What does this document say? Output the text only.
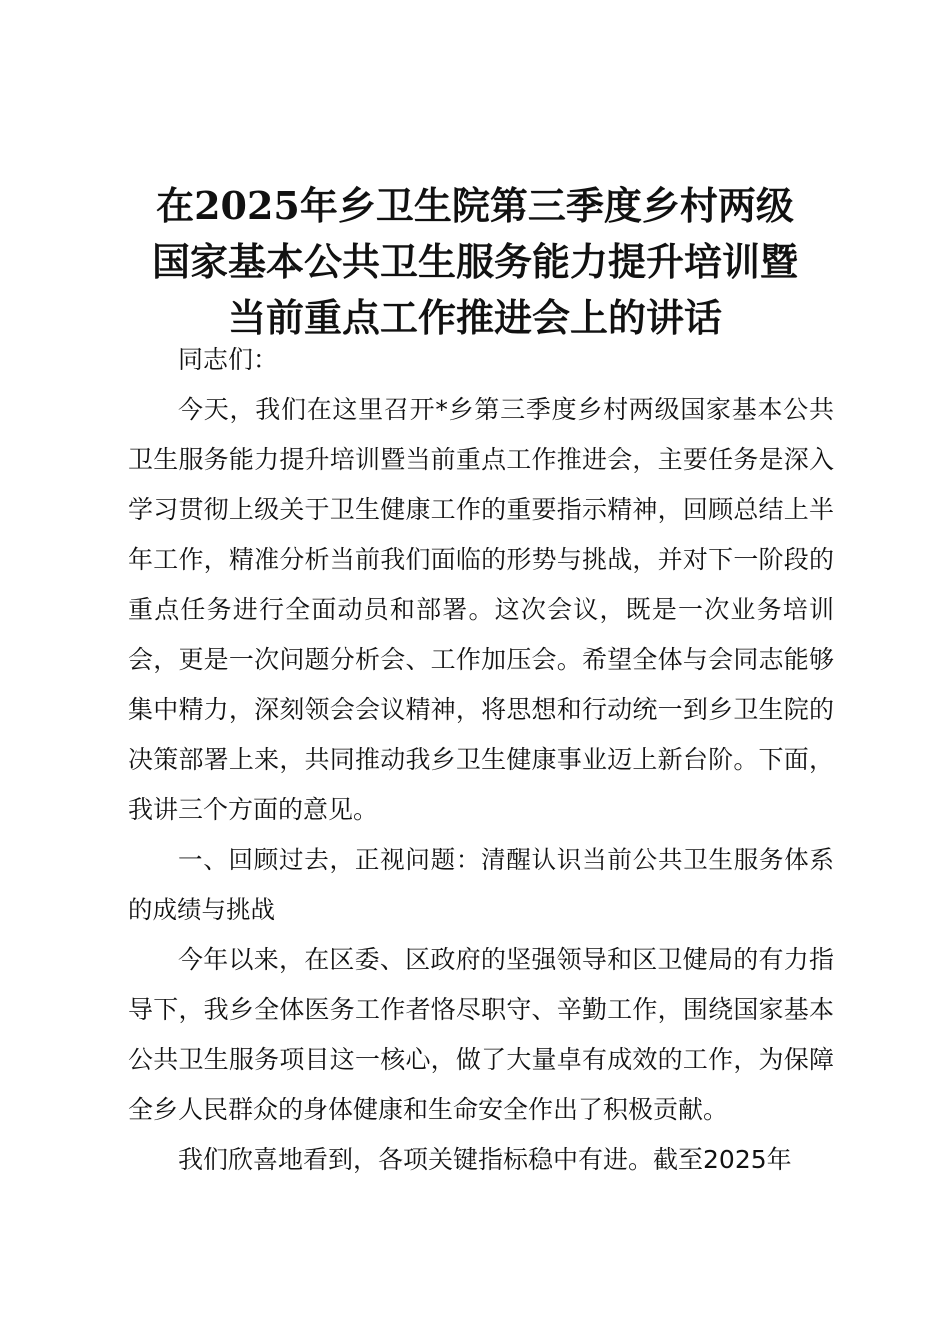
在2025年乡卫生院第三季度乡村两级
国家基本公共卫生服务能力提升培训暨
当前重点工作推进会上的讲话

同志们：

今天，我们在这里召开*乡第三季度乡村两级国家基本公共卫生服务能力提升培训暨当前重点工作推进会，主要任务是深入学习贯彻上级关于卫生健康工作的重要指示精神，回顾总结上半年工作，精准分析当前我们面临的形势与挑战，并对下一阶段的重点任务进行全面动员和部署。这次会议，既是一次业务培训会，更是一次问题分析会、工作加压会。希望全体与会同志能够集中精力，深刻领会会议精神，将思想和行动统一到乡卫生院的决策部署上来，共同推动我乡卫生健康事业迈上新台阶。下面，我讲三个方面的意见。

一、回顾过去，正视问题：清醒认识当前公共卫生服务体系的成绩与挑战

今年以来，在区委、区政府的坚强领导和区卫健局的有力指导下，我乡全体医务工作者恪尽职守、辛勤工作，围绕国家基本公共卫生服务项目这一核心，做了大量卓有成效的工作，为保障全乡人民群众的身体健康和生命安全作出了积极贡献。

我们欣喜地看到，各项关键指标稳中有进。截至2025年
